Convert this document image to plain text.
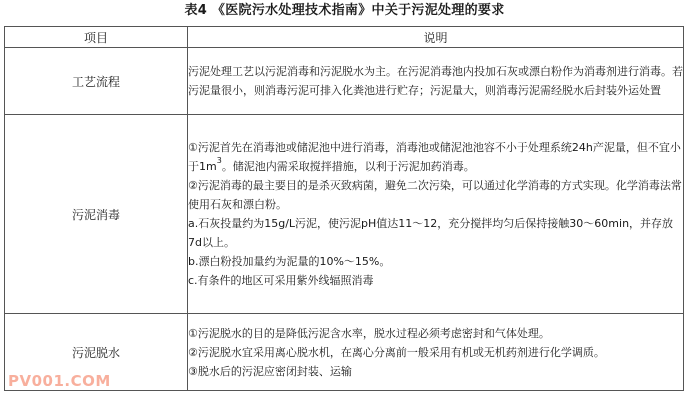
表4 《医院污水处理技术指南》中关于污泥处理的要求
项目	说明
工艺流程	污泥处理工艺以污泥消毒和污泥脱水为主。在污泥消毒池内投加石灰或漂白粉作为消毒剂进行消毒。若污泥量很小，则消毒污泥可排入化粪池进行贮存；污泥量大，则消毒污泥需经脱水后封装外运处置

污泥消毒	①污泥首先在消毒池或储泥池中进行消毒，消毒池或储泥池池容不小于处理系统24h产泥量，但不宜小于$1m^3$。储泥池内需采取搅拌措施，以利于污泥加药消毒。

②污泥消毒的最主要目的是杀灭致病菌，避免二次污染，可以通过化学消毒的方式实现。化学消毒法常使用石灰和漂白粉。

a.石灰投量约为15g/L污泥，使污泥pH值达11～12，充分搅拌均匀后保持接触30～60min，并存放7d以上。

b.漂白粉投加量约为泥量的10%～15%。

c.有条件的地区可采用紫外线辐照消毒

污泥脱水	①污泥脱水的目的是降低污泥含水率，脱水过程必须考虑密封和气体处理。

②污泥脱水宜采用离心脱水机，在离心分离前一般采用有机或无机药剂进行化学调质。

③脱水后的污泥应密闭封装、运输

PV001.COM
